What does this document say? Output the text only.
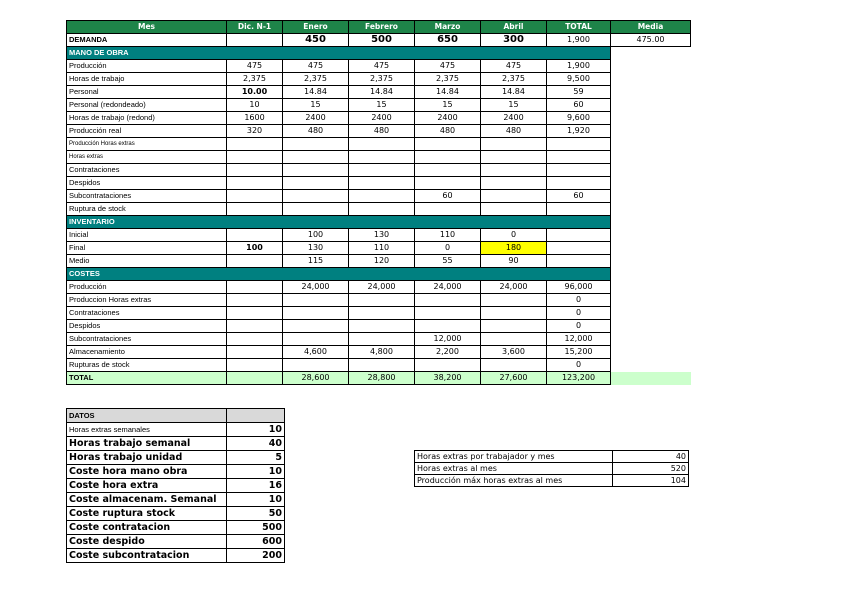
Mes	Dic. N-1	Enero	Febrero	Marzo	Abril	TOTAL	Media
DEMANDA		450	500	650	300	1,900	475.00
MANO DE OBRA							
Producción	475	475	475	475	475	1,900	
Horas de trabajo	2,375	2,375	2,375	2,375	2,375	9,500	
Personal	10.00	14.84	14.84	14.84	14.84	59	
Personal (redondeado)	10	15	15	15	15	60	
Horas de trabajo (redond)	1600	2400	2400	2400	2400	9,600	
Producción real	320	480	480	480	480	1,920	
Producción Horas extras							
Horas extras							
Contrataciones							
Despidos							
Subcontrataciones				60		60	
Ruptura de stock							
INVENTARIO							
Inicial		100	130	110	0		
Final	100	130	110	0	180		
Medio		115	120	55	90		
COSTES							
Producción		24,000	24,000	24,000	24,000	96,000	
Produccion Horas extras						0	
Contrataciones						0	
Despidos						0	
Subcontrataciones				12,000		12,000	
Almacenamiento		4,600	4,800	2,200	3,600	15,200	
Rupturas de stock						0	
TOTAL		28,600	28,800	38,200	27,600	123,200	
DATOS	
Horas extras semanales	10
Horas trabajo semanal	40
Horas trabajo unidad	5
Coste hora mano obra	10
Coste hora extra	16
Coste almacenam. Semanal	10
Coste ruptura stock	50
Coste contratacion	500
Coste despido	600
Coste subcontratacion	200
Horas extras por trabajador y mes	40
Horas extras al mes	520
Producción máx horas extras al mes	104
